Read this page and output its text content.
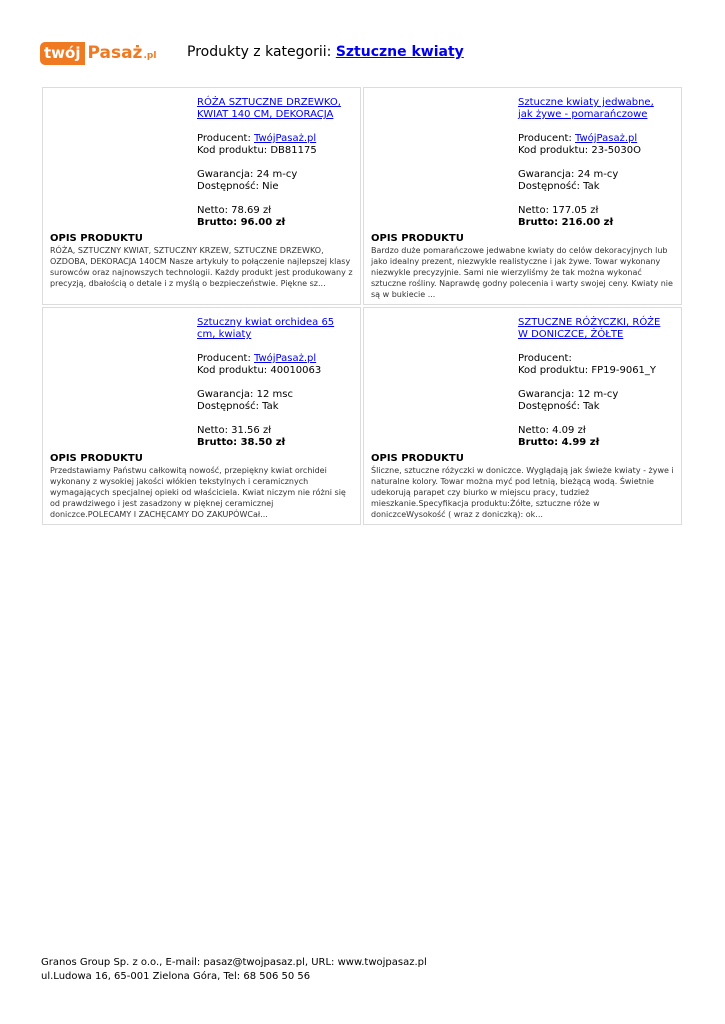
twój Pasaż .pl Produkty z kategorii: Sztuczne kwiaty
RÓŻA SZTUCZNE DRZEWKO, KWIAT 140 CM, DEKORACJA
Producent: TwójPasaż.pl
Kod produktu: DB81175
Gwarancja: 24 m-cy
Dostępność: Nie
Netto: 78.69 zł
Brutto: 96.00 zł
OPIS PRODUKTU
RÓŻA, SZTUCZNY KWIAT, SZTUCZNY KRZEW, SZTUCZNE DRZEWKO, OZDOBA, DEKORACJA 140CM Nasze artykuły to połączenie najlepszej klasy surowców oraz najnowszych technologii. Każdy produkt jest produkowany z precyzją, dbałością o detale i z myślą o bezpieczeństwie. Piękne sz...
Sztuczne kwiaty jedwabne, jak żywe - pomarańczowe
Producent: TwójPasaż.pl
Kod produktu: 23-5030O
Gwarancja: 24 m-cy
Dostępność: Tak
Netto: 177.05 zł
Brutto: 216.00 zł
OPIS PRODUKTU
Bardzo duże pomarańczowe jedwabne kwiaty do celów dekoracyjnych lub jako idealny prezent, niezwykle realistyczne i jak żywe. Towar wykonany niezwykle precyzyjnie. Sami nie wierzyliśmy że tak można wykonać sztuczne rośliny. Naprawdę godny polecenia i warty swojej ceny. Kwiaty nie są w bukiecie ...
Sztuczny kwiat orchidea 65 cm, kwiaty
Producent: TwójPasaż.pl
Kod produktu: 40010063
Gwarancja: 12 msc
Dostępność: Tak
Netto: 31.56 zł
Brutto: 38.50 zł
OPIS PRODUKTU
Przedstawiamy Państwu całkowitą nowość, przepiękny kwiat orchidei wykonany z wysokiej jakości włókien tekstylnych i ceramicznych wymagających specjalnej opieki od właściciela. Kwiat niczym nie różni się od prawdziwego i jest zasadzony w pięknej ceramicznej doniczce.POLECAMY I ZACHĘCAMY DO ZAKUPÓWCał...
SZTUCZNE RÓŻYCZKI, RÓŻE W DONICZCE, ŻÓŁTE
Producent:
Kod produktu: FP19-9061_Y
Gwarancja: 12 m-cy
Dostępność: Tak
Netto: 4.09 zł
Brutto: 4.99 zł
OPIS PRODUKTU
Śliczne, sztuczne różyczki w doniczce. Wyglądają jak świeże kwiaty - żywe i naturalne kolory. Towar można myć pod letnią, bieżącą wodą. Świetnie udekorują parapet czy biurko w miejscu pracy, tudzież mieszkanie.Specyfikacja produktu:Żółte, sztuczne róże w doniczceWysokość ( wraz z doniczką): ok...
Granos Group Sp. z o.o., E-mail: pasaz@twojpasaz.pl, URL: www.twojpasaz.pl
ul.Ludowa 16, 65-001 Zielona Góra, Tel: 68 506 50 56
